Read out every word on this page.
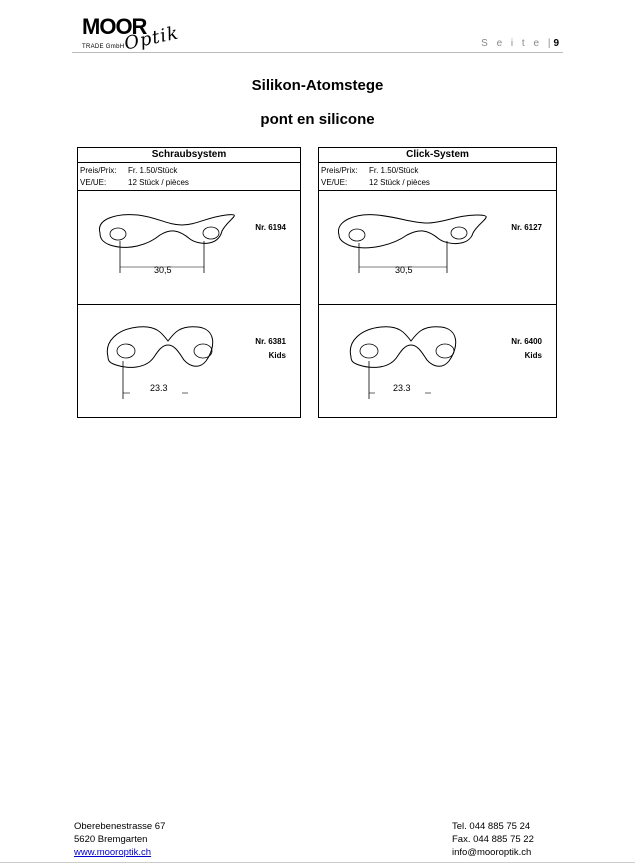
MOOR
Optik
TRADE GmbH	S e i t e |9
Silikon-Atomstege
pont en silicone
Schraubsystem
Preis/Prix: Fr. 1.50/Stück
VE/UE:	12 Stück / pièces
30,5
Nr. 6194
23.3
Nr. 6381
Kids
Click-System
Preis/Prix: Fr. 1.50/Stück
VE/UE:	12 Stück / pièces
30,5
Nr. 6127
23.3
Nr. 6400
Kids
Oberebenestrasse 67
5620 Bremgarten
www.mooroptik.ch
Tel. 044 885 75 24
Fax. 044 885 75 22
info@mooroptik.ch
